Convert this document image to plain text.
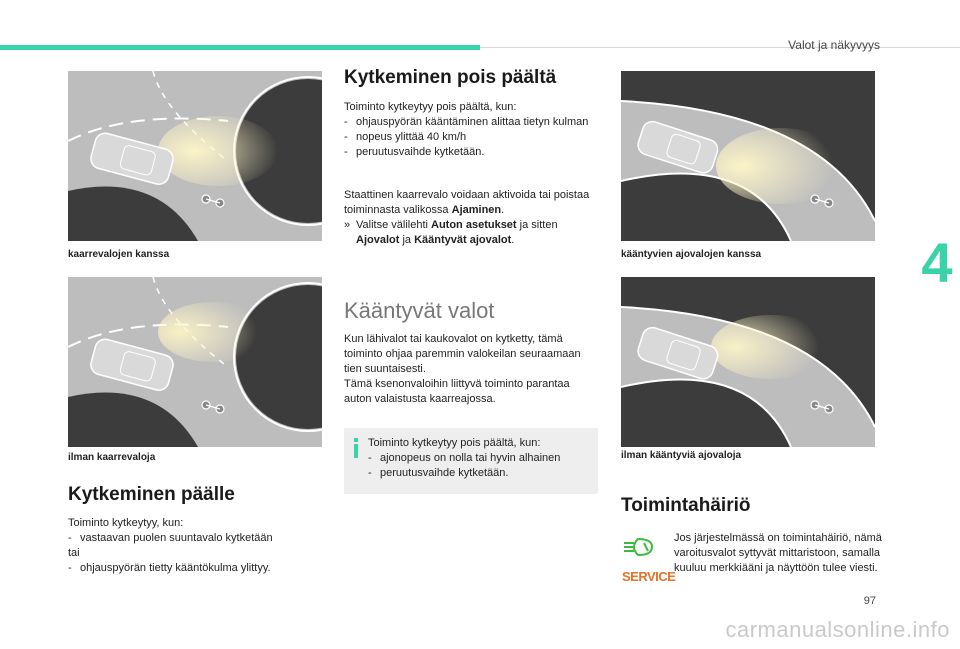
Valot ja näkyvyys
4
kaarrevalojen kanssa
ilman kaarrevaloja
Kytkeminen päälle
Toiminto kytkeytyy, kun:
- vastaavan puolen suuntavalo kytketään
tai
- ohjauspyörän tietty kääntökulma ylittyy.
Kytkeminen pois päältä
Toiminto kytkeytyy pois päältä, kun:
- ohjauspyörän kääntäminen alittaa tietyn kulman
- nopeus ylittää 40 km/h
- peruutusvaihde kytketään.
Staattinen kaarrevalo voidaan aktivoida tai poistaa toiminnasta valikossa Ajaminen.
» Valitse välilehti Auton asetukset ja sitten Ajovalot ja Kääntyvät ajovalot.
Kääntyvät valot
Kun lähivalot tai kaukovalot on kytketty, tämä toiminto ohjaa paremmin valokeilan seuraamaan tien suuntaisesti.
Tämä ksenonvaloihin liittyvä toiminto parantaa auton valaistusta kaarreajossa.
Toiminto kytkeytyy pois päältä, kun:
- ajonopeus on nolla tai hyvin alhainen
- peruutusvaihde kytketään.
kääntyvien ajovalojen kanssa
ilman kääntyviä ajovaloja
Toimintahäiriö
SERVICE
Jos järjestelmässä on toimintahäiriö, nämä varoitusvalot syttyvät mittaristoon, samalla kuuluu merkkiääni ja näyttöön tulee viesti.
97
carmanualsonline.info
